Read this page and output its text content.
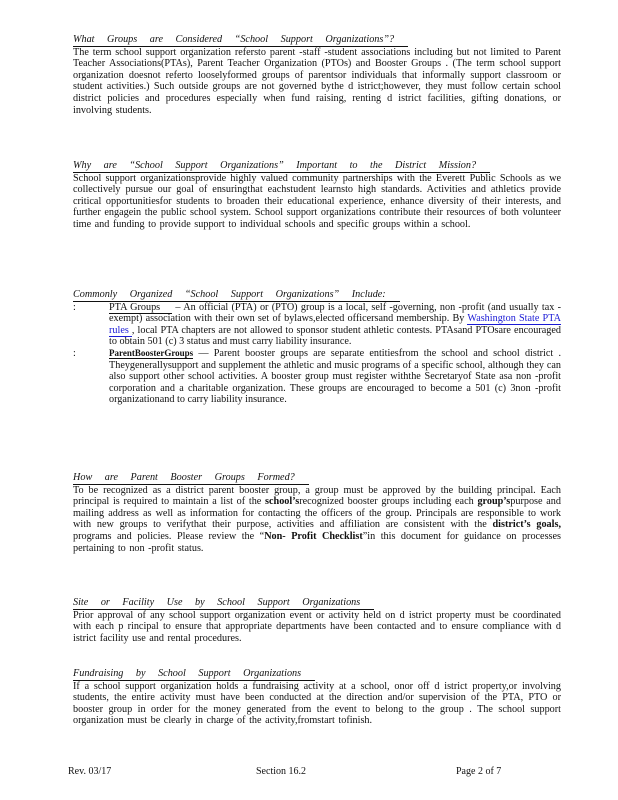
What Groups are Considered “School Support Organizations”?

The term school support organization refersto parent -staff -student associations including but not limited to Parent Teacher Associations(PTAs), Parent Teacher Organization (PTOs) and Booster Groups . (The term school support organization doesnot referto looselyformed groups of parentsor individuals that informally support classroom or student activities.) Such outside groups are not governed bythe d istrict;however, they must follow certain school district policies and procedures especially when fund raising, renting d istrict facilities, gifting donations, or involving students.

Why are “School Support Organizations” Important to the District Mission?

School support organizationsprovide highly valued community partnerships with the Everett Public Schools as we collectively pursue our goal of ensuringthat eachstudent learnsto high standards. Activities and athletics provide critical opportunitiesfor students to broaden their educational experience, enhance diversity of their interests, and further engagein the public school system. School support organizations contribute their resources of both volunteer time and funding to provide support to individual schools and specific groups within a school.

Commonly Organized “School Support Organizations” Include:
:	PTA Groups – An official (PTA) or (PTO) group is a local, self -governing, non -profit (and usually tax -exempt) association with their own set of bylaws,elected officersand membership. By Washington State PTA rules , local PTA chapters are not allowed to sponsor student athletic contests. PTAsand PTOsare encouraged to obtain 501 (c) 3 status and must carry liability insurance.
:	ParentBoosterGroups — Parent booster groups are separate entitiesfrom the school and school district . Theygenerallysupport and supplement the athletic and music programs of a specific school, although they can also support other school activities. A booster group must register withthe Secretaryof State asa non -profit corporation and a charitable organization. These groups are encouraged to become a 501 (c) 3non -profit organizationand to carry liability insurance.
How are Parent Booster Groups Formed?

To be recognized as a district parent booster group, a group must be approved by the building principal. Each principal is required to maintain a list of the school’srecognized booster groups including each group’spurpose and mailing address as well as information for contacting the officers of the group. Principals are responsible to work with new groups to verifythat their purpose, activities and affiliation are consistent with the district’s goals, programs and policies. Please review the “Non- Profit Checklist”in this document for guidance on processes pertaining to non -profit status.

Site or Facility Use by School Support Organizations

Prior approval of any school support organization event or activity held on d istrict property must be coordinated with each p rincipal to ensure that appropriate departments have been contacted and to ensure compliance with d istrict facility use and rental procedures.

Fundraising by School Support Organizations

If a school support organization holds a fundraising activity at a school, onor off d istrict property,or involving students, the entire activity must have been conducted at the direction and/or supervision of the PTA, PTO or booster group in order for the money generated from the event to belong to the group . The school support organization must be clearly in charge of the activity,fromstart tofinish.

Rev. 03/17	Section 16.2	Page 2 of 7
